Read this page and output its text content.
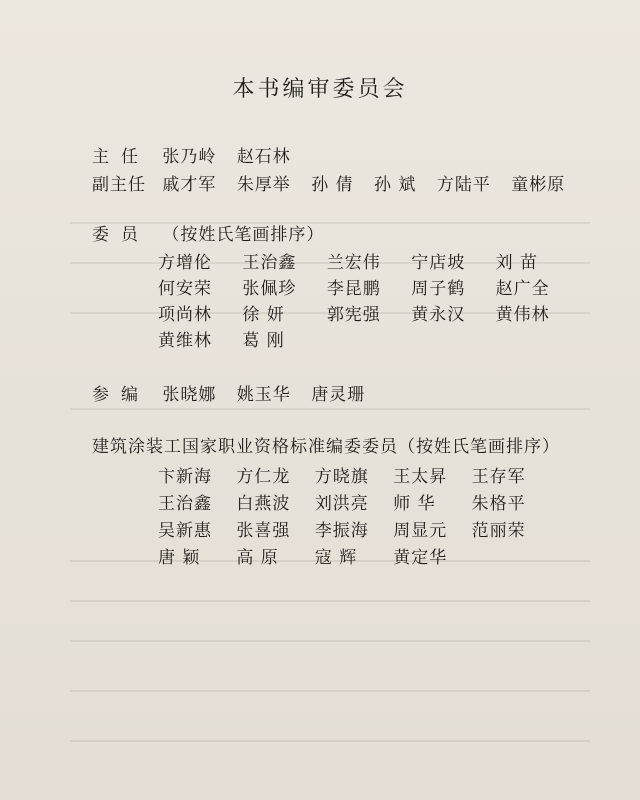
本书编审委员会
主任 张乃岭 赵石林
副主任 戚才军 朱厚举 孙 倩 孙 斌 方陆平 童彬原
委员 （按姓氏笔画排序）
方增伦 王治鑫 兰宏伟 宁店坡 刘 苗
何安荣 张佩珍 李昆鹏 周子鹤 赵广全
项尚林 徐 妍 郭宪强 黄永汉 黄伟林
黄维林 葛 刚
参编 张晓娜 姚玉华 唐灵珊
建筑涂装工国家职业资格标准编委委员（按姓氏笔画排序）
卞新海 方仁龙 方晓旗 王太昇 王存军
王治鑫 白燕波 刘洪亮 师 华 朱格平
吴新惠 张喜强 李振海 周显元 范丽荣
唐 颖 高 原 寇 辉 黄定华
